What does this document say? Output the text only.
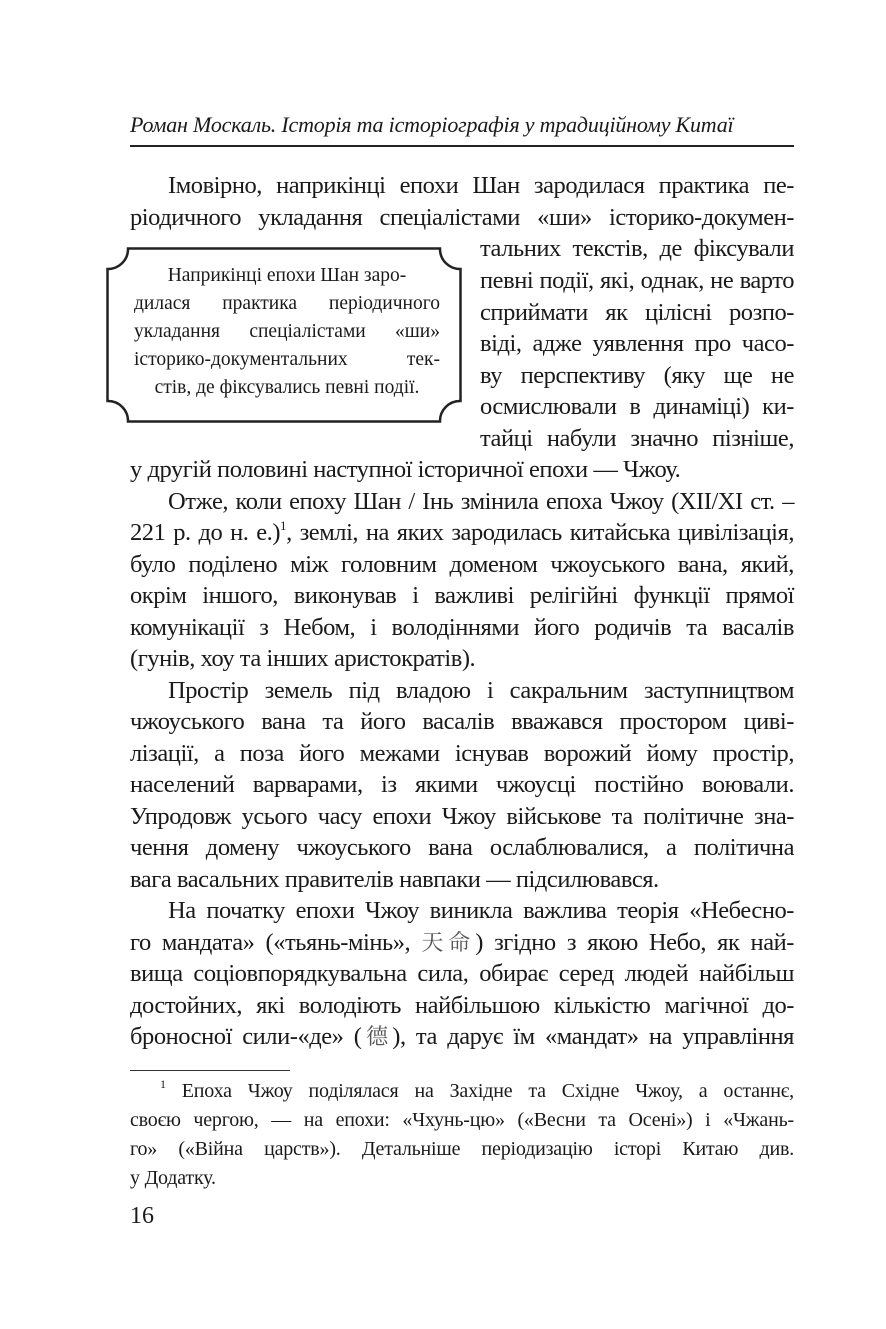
Роман Москаль. Історія та історіографія у традиційному Китаї
Імовірно, наприкінці епохи Шан зародилася практика пе-
ріодичного укладання спеціалістами «ши» історико-докумен-
тальних текстів, де фіксували
певні події, які, однак, не варто
сприймати як цілісні розпо-
віді, адже уявлення про часо-
ву перспективу (яку ще не
осмислювали в динаміці) ки-
тайці набули значно пізніше,
у другій половині наступної історичної епохи — Чжоу.
Отже, коли епоху Шан / Інь змінила епоха Чжоу (XII/XI ст. –
221 р. до н. е.)$^1$, землі, на яких зародилась китайська цивілізація,
було поділено між головним доменом чжоуського вана, який,
окрім іншого, виконував і важливі релігійні функції прямої
комунікації з Небом, і володіннями його родичів та васалів
(гунів, хоу та інших аристократів).
Простір земель під владою і сакральним заступництвом
чжоуського вана та його васалів вважався простором циві-
лізації, а поза його межами існував ворожий йому простір,
населений варварами, із якими чжоусці постійно воювали.
Упродовж усього часу епохи Чжоу військове та політичне зна-
чення домену чжоуського вана ослаблювалися, а політична
вага васальних правителів навпаки — підсилювався.
На початку епохи Чжоу виникла важлива теорія «Небесно-
го мандата» («тьянь-мінь», 天命) згідно з якою Небо, як най-
вища соціовпорядкувальна сила, обирає серед людей найбільш
достойних, які володіють найбільшою кількістю магічної до-
броносної сили-«де» (德), та дарує їм «мандат» на управління
Наприкінці епохи Шан заро-
дилася практика періодичного
укладання спеціалістами «ши»
історико-документальних тек-
стів, де фіксувались певні події.
$^1$ Епоха Чжоу поділялася на Західне та Східне Чжоу, а останнє,
своєю чергою, — на епохи: «Чхунь-цю» («Весни та Осені») і «Чжань-
го» («Війна царств»). Детальніше періодизацію історі Китаю див.
у Додатку.
16
